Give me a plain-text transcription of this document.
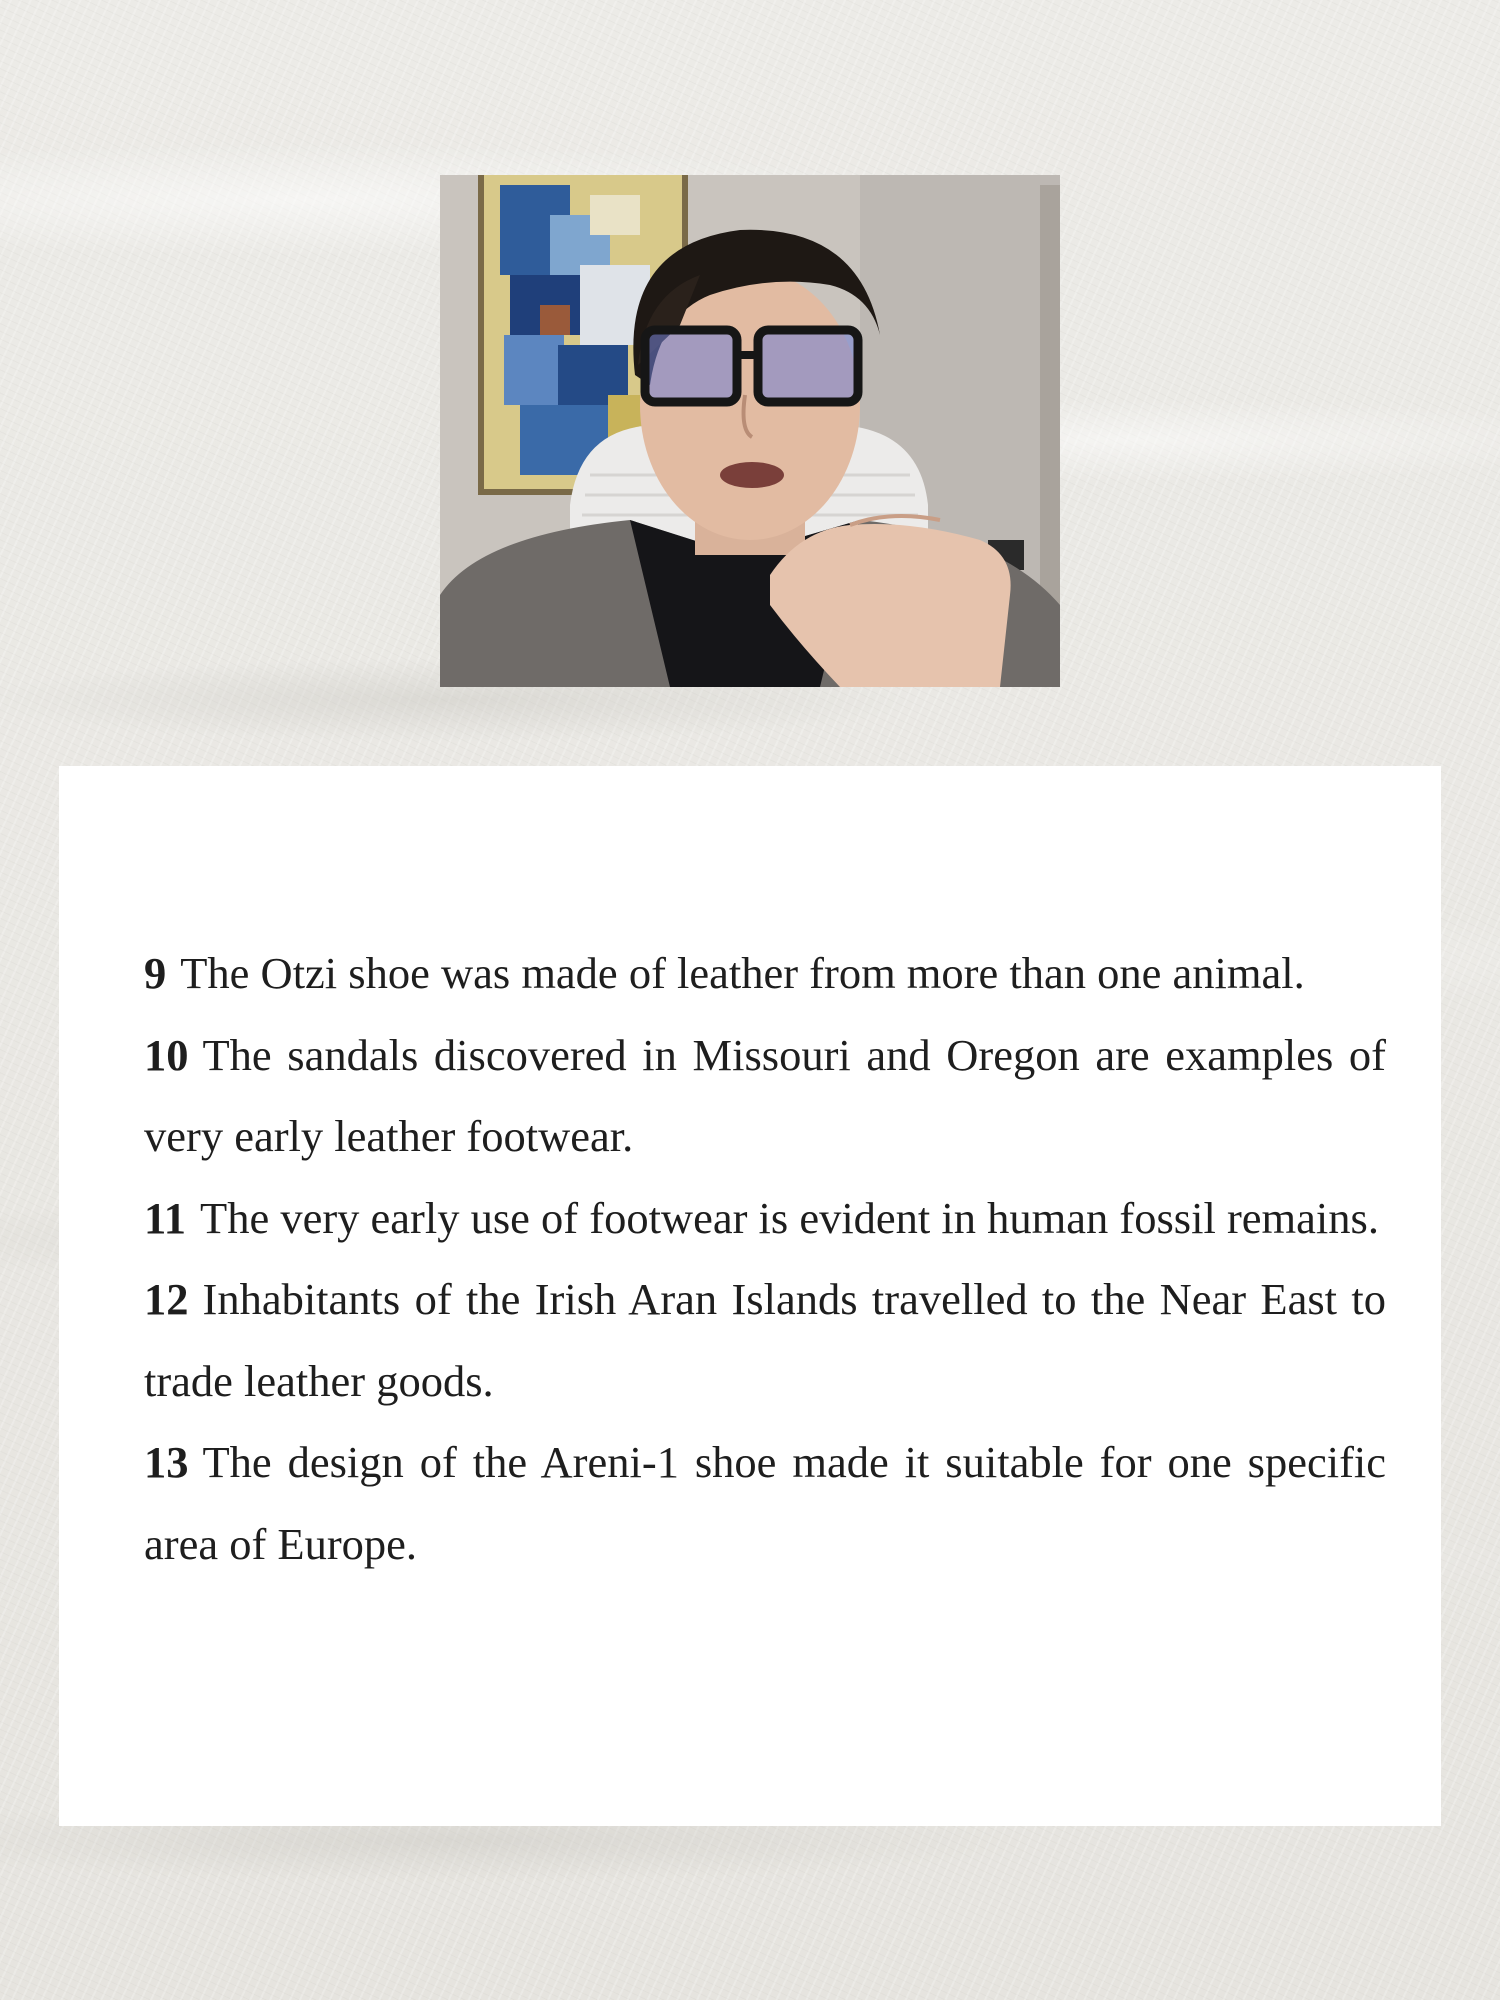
9 The Otzi shoe was made of leather from more than one animal.

10 The sandals discovered in Missouri and Oregon are examples of very early leather footwear.

11 The very early use of footwear is evident in human fossil remains.

12 Inhabitants of the Irish Aran Islands travelled to the Near East to trade leather goods.

13 The design of the Areni-1 shoe made it suitable for one specific area of Europe.
